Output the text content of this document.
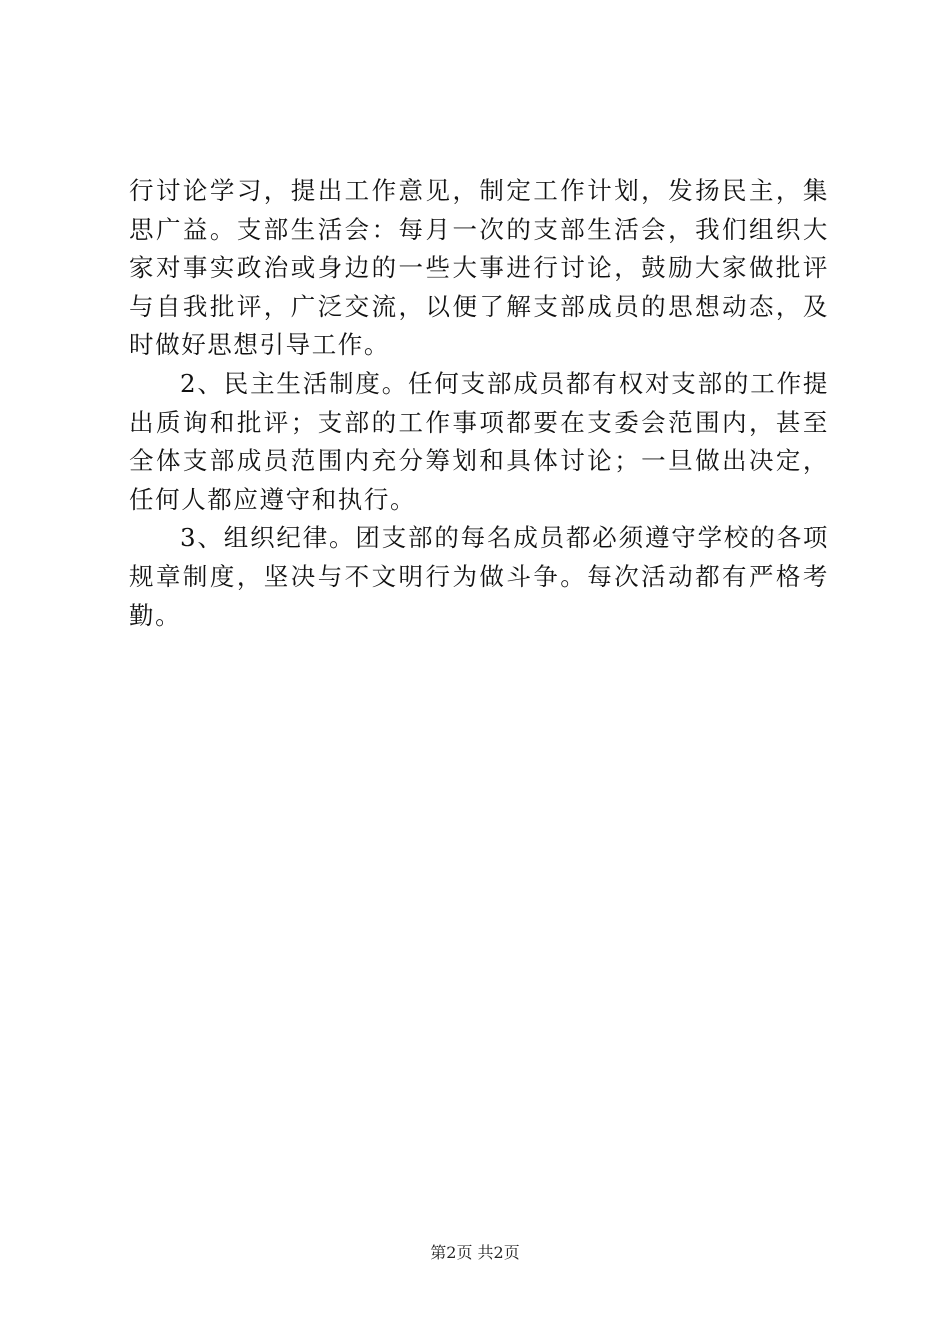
行讨论学习，提出工作意见，制定工作计划，发扬民主，集思广益。支部生活会：每月一次的支部生活会，我们组织大家对事实政治或身边的一些大事进行讨论，鼓励大家做批评与自我批评，广泛交流，以便了解支部成员的思想动态，及时做好思想引导工作。

2、民主生活制度。任何支部成员都有权对支部的工作提出质询和批评；支部的工作事项都要在支委会范围内，甚至全体支部成员范围内充分筹划和具体讨论；一旦做出决定，任何人都应遵守和执行。

3、组织纪律。团支部的每名成员都必须遵守学校的各项规章制度，坚决与不文明行为做斗争。每次活动都有严格考勤。

第2页 共2页
